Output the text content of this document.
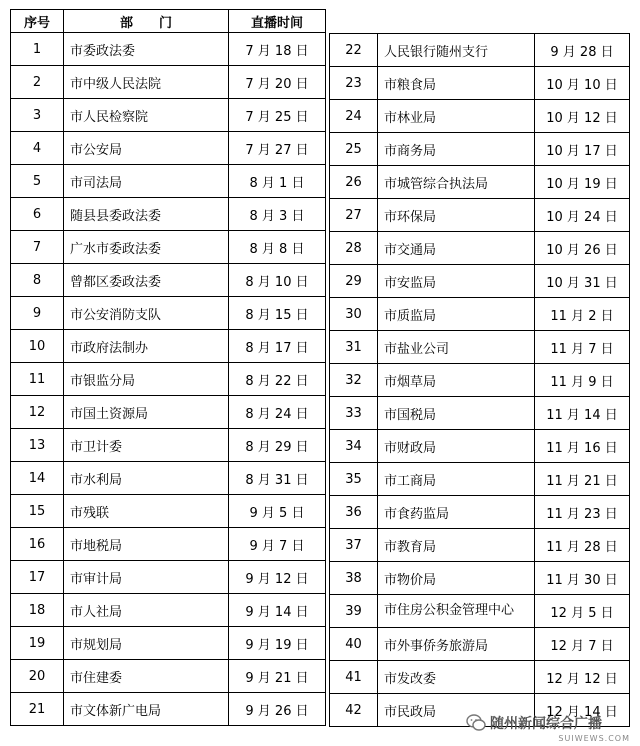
序号	部　　门	直播时间
1	市委政法委	7 月 18 日
2	市中级人民法院	7 月 20 日
3	市人民检察院	7 月 25 日
4	市公安局	7 月 27 日
5	市司法局	8 月 1 日
6	随县县委政法委	8 月 3 日
7	广水市委政法委	8 月 8 日
8	曾都区委政法委	8 月 10 日
9	市公安消防支队	8 月 15 日
10	市政府法制办	8 月 17 日
11	市银监分局	8 月 22 日
12	市国土资源局	8 月 24 日
13	市卫计委	8 月 29 日
14	市水利局	8 月 31 日
15	市残联	9 月 5 日
16	市地税局	9 月 7 日
17	市审计局	9 月 12 日
18	市人社局	9 月 14 日
19	市规划局	9 月 19 日
20	市住建委	9 月 21 日
21	市文体新广电局	9 月 26 日
22	人民银行随州支行	9 月 28 日
23	市粮食局	10 月 10 日
24	市林业局	10 月 12 日
25	市商务局	10 月 17 日
26	市城管综合执法局	10 月 19 日
27	市环保局	10 月 24 日
28	市交通局	10 月 26 日
29	市安监局	10 月 31 日
30	市质监局	11 月 2 日
31	市盐业公司	11 月 7 日
32	市烟草局	11 月 9 日
33	市国税局	11 月 14 日
34	市财政局	11 月 16 日
35	市工商局	11 月 21 日
36	市食药监局	11 月 23 日
37	市教育局	11 月 28 日
38	市物价局	11 月 30 日
39	市住房公积金管理中心	12 月 5 日
40	市外事侨务旅游局	12 月 7 日
41	市发改委	12 月 12 日
42	市民政局	12 月 14 日
随州新闻综合广播
SUIWEWS.COM
